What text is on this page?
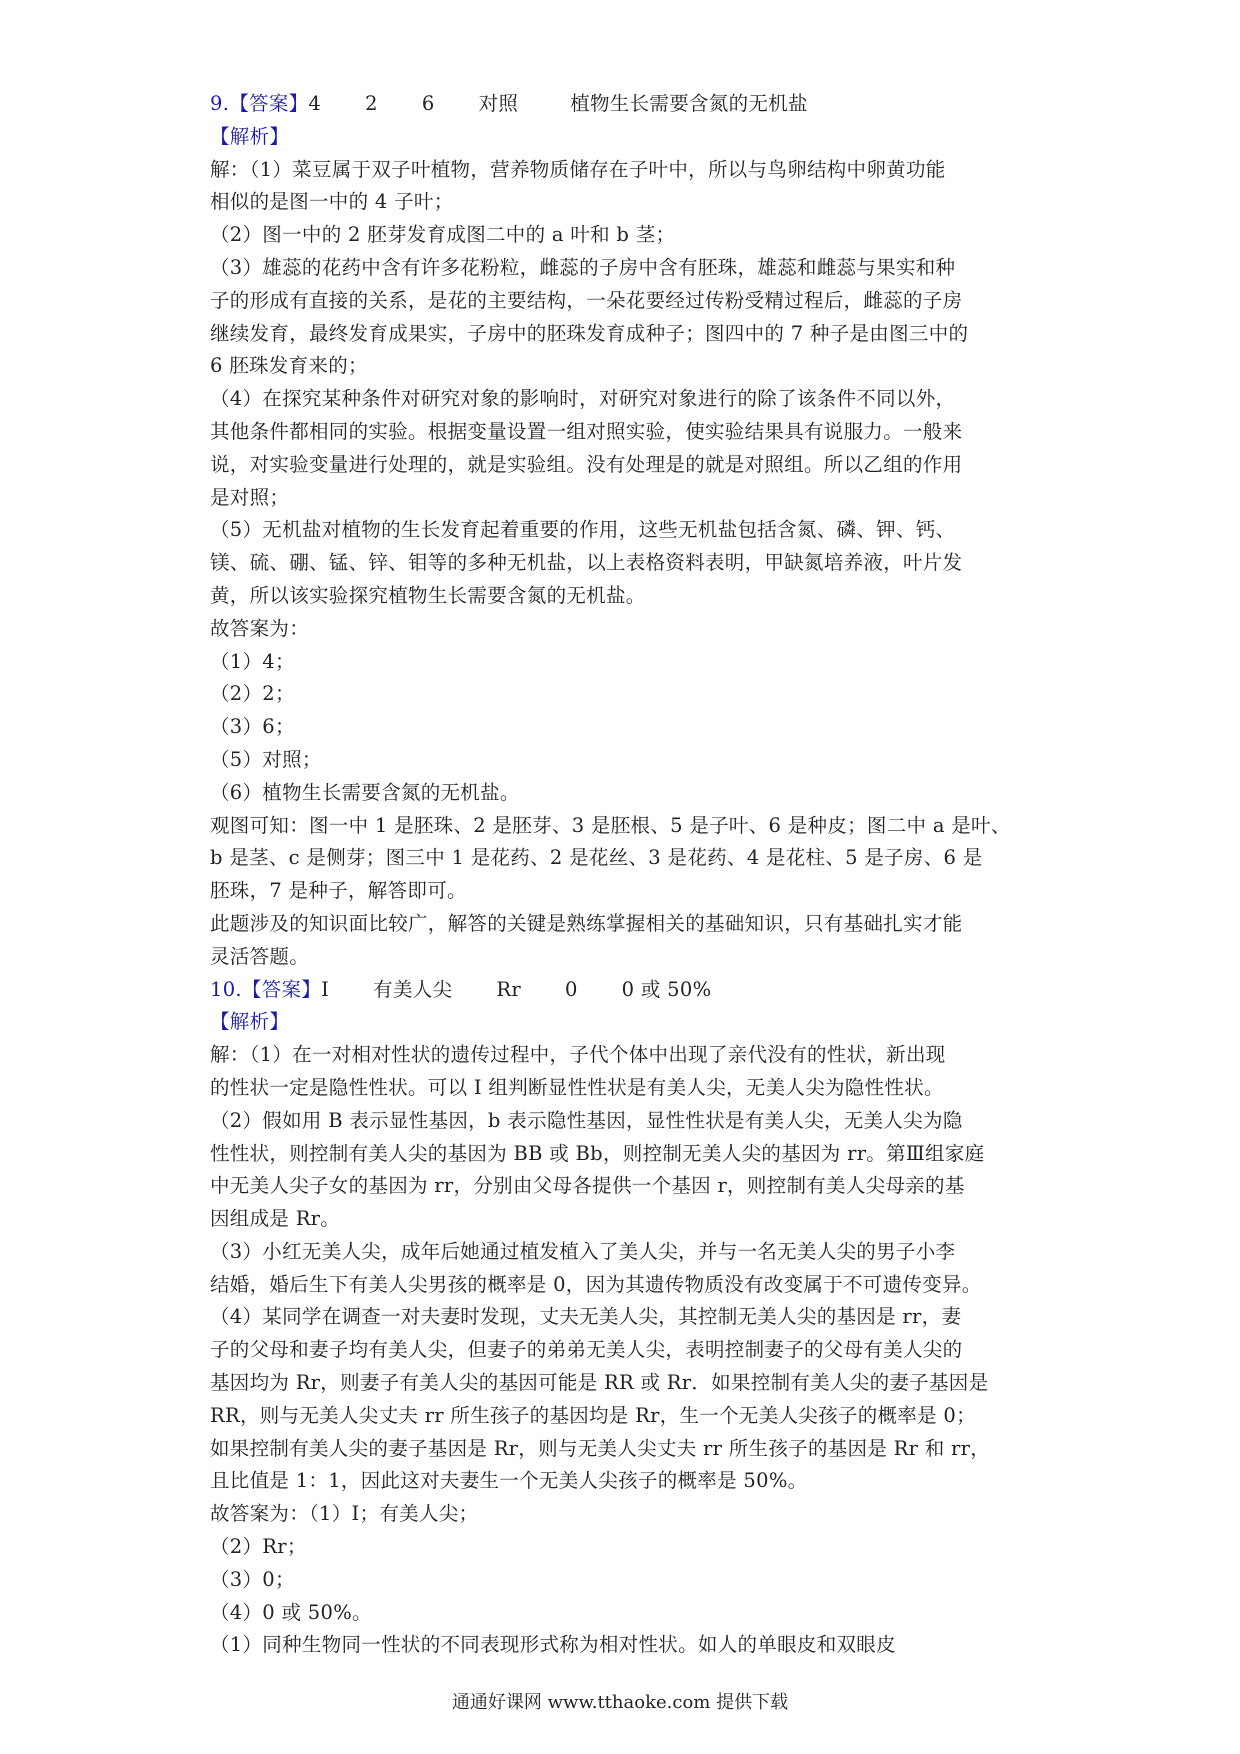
9.【答案】4 2 6 对照	植物生长需要含氮的无机盐
【解析】
解：（1）菜豆属于双子叶植物，营养物质储存在子叶中，所以与鸟卵结构中卵黄功能
相似的是图一中的 4 子叶；
（2）图一中的 2 胚芽发育成图二中的 a 叶和 b 茎；
（3）雄蕊的花药中含有许多花粉粒，雌蕊的子房中含有胚珠，雄蕊和雌蕊与果实和种
子的形成有直接的关系，是花的主要结构，一朵花要经过传粉受精过程后，雌蕊的子房
继续发育，最终发育成果实，子房中的胚珠发育成种子；图四中的 7 种子是由图三中的
6 胚珠发育来的；
（4）在探究某种条件对研究对象的影响时，对研究对象进行的除了该条件不同以外，
其他条件都相同的实验。根据变量设置一组对照实验，使实验结果具有说服力。一般来
说，对实验变量进行处理的，就是实验组。没有处理是的就是对照组。所以乙组的作用
是对照；
（5）无机盐对植物的生长发育起着重要的作用，这些无机盐包括含氮、磷、钾、钙、
镁、硫、硼、锰、锌、钼等的多种无机盐，以上表格资料表明，甲缺氮培养液，叶片发
黄，所以该实验探究植物生长需要含氮的无机盐。
故答案为：
（1）4；
（2）2；
（3）6；
（5）对照；
（6）植物生长需要含氮的无机盐。
观图可知：图一中 1 是胚珠、2 是胚芽、3 是胚根、5 是子叶、6 是种皮；图二中 a 是叶、
b 是茎、c 是侧芽；图三中 1 是花药、2 是花丝、3 是花药、4 是花柱、5 是子房、6 是
胚珠，7 是种子，解答即可。
此题涉及的知识面比较广，解答的关键是熟练掌握相关的基础知识，只有基础扎实才能
灵活答题。
10.【答案】I 有美人尖 Rr 0 0 或 50%
【解析】
解：（1）在一对相对性状的遗传过程中，子代个体中出现了亲代没有的性状，新出现
的性状一定是隐性性状。可以 I 组判断显性性状是有美人尖，无美人尖为隐性性状。
（2）假如用 B 表示显性基因，b 表示隐性基因，显性性状是有美人尖，无美人尖为隐
性性状，则控制有美人尖的基因为 BB 或 Bb，则控制无美人尖的基因为 rr。第Ⅲ组家庭
中无美人尖子女的基因为 rr，分别由父母各提供一个基因 r，则控制有美人尖母亲的基
因组成是 Rr。
（3）小红无美人尖，成年后她通过植发植入了美人尖，并与一名无美人尖的男子小李
结婚，婚后生下有美人尖男孩的概率是 0，因为其遗传物质没有改变属于不可遗传变异。
（4）某同学在调查一对夫妻时发现，丈夫无美人尖，其控制无美人尖的基因是 rr，妻
子的父母和妻子均有美人尖，但妻子的弟弟无美人尖，表明控制妻子的父母有美人尖的
基因均为 Rr，则妻子有美人尖的基因可能是 RR 或 Rr．如果控制有美人尖的妻子基因是
RR，则与无美人尖丈夫 rr 所生孩子的基因均是 Rr，生一个无美人尖孩子的概率是 0；
如果控制有美人尖的妻子基因是 Rr，则与无美人尖丈夫 rr 所生孩子的基因是 Rr 和 rr，
且比值是 1：1，因此这对夫妻生一个无美人尖孩子的概率是 50%。
故答案为：（1）Ⅰ；有美人尖；
（2）Rr；
（3）0；
（4）0 或 50%。
（1）同种生物同一性状的不同表现形式称为相对性状。如人的单眼皮和双眼皮
通通好课网 www.tthaoke.com 提供下载
